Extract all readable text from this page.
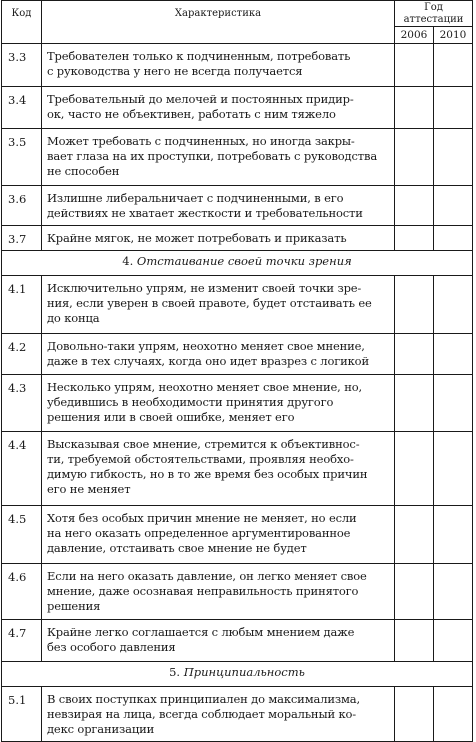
Код	Характеристика	Год
аттестации	

		2006	2010
3.3	Требователен только к подчиненным, потребовать
с руководства у него не всегда получается		

3.4	Требовательный до мелочей и постоянных придир-
ок, часто не объективен, работать с ним тяжело		

3.5	Может требовать с подчиненных, но иногда закры-
вает глаза на их проступки, потребовать с руководства
не способен		

3.6	Излишне либеральничает с подчиненными, в его
действиях не хватает жесткости и требовательности		

3.7	Крайне мягок, не может потребовать и приказать		

4. Отстаивание своей точки зрения			
4.1	Исключительно упрям, не изменит своей точки зре-
ния, если уверен в своей правоте, будет отстаивать ее
до конца		

4.2	Довольно-таки упрям, неохотно меняет свое мнение,
даже в тех случаях, когда оно идет вразрез с логикой		

4.3	Несколько упрям, неохотно меняет свое мнение, но,
убедившись в необходимости принятия другого
решения или в своей ошибке, меняет его		

4.4	Высказывая свое мнение, стремится к объективнос-
ти, требуемой обстоятельствами, проявляя необхо-
димую гибкость, но в то же время без особых причин
его не меняет		

4.5	Хотя без особых причин мнение не меняет, но если
на него оказать определенное аргументированное
давление, отстаивать свое мнение не будет		

4.6	Если на него оказать давление, он легко меняет свое
мнение, даже осознавая неправильность принятого
решения		

4.7	Крайне легко соглашается с любым мнением даже
без особого давления		

5. Принципиальность			
5.1	В своих поступках принципиален до максимализма,
невзирая на лица, всегда соблюдает моральный ко-
декс организации		
